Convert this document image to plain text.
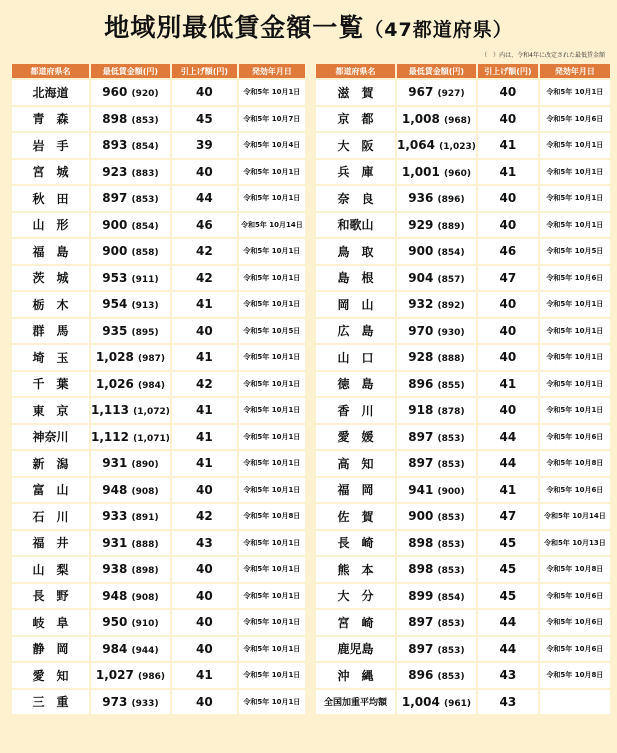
地域別最低賃金額一覧（47都道府県）
（　）内は、令和4年に改定された最低賃金額
都道府県名	最低賃金額(円)	引上げ額(円)	発効年月日
北海道	960 (920)	40	令和5年 10月1日
青　森	898 (853)	45	令和5年 10月7日
岩　手	893 (854)	39	令和5年 10月4日
宮　城	923 (883)	40	令和5年 10月1日
秋　田	897 (853)	44	令和5年 10月1日
山　形	900 (854)	46	令和5年 10月14日
福　島	900 (858)	42	令和5年 10月1日
茨　城	953 (911)	42	令和5年 10月1日
栃　木	954 (913)	41	令和5年 10月1日
群　馬	935 (895)	40	令和5年 10月5日
埼　玉	1,028 (987)	41	令和5年 10月1日
千　葉	1,026 (984)	42	令和5年 10月1日
東　京	1,113 (1,072)	41	令和5年 10月1日
神奈川	1,112 (1,071)	41	令和5年 10月1日
新　潟	931 (890)	41	令和5年 10月1日
富　山	948 (908)	40	令和5年 10月1日
石　川	933 (891)	42	令和5年 10月8日
福　井	931 (888)	43	令和5年 10月1日
山　梨	938 (898)	40	令和5年 10月1日
長　野	948 (908)	40	令和5年 10月1日
岐　阜	950 (910)	40	令和5年 10月1日
静　岡	984 (944)	40	令和5年 10月1日
愛　知	1,027 (986)	41	令和5年 10月1日
三　重	973 (933)	40	令和5年 10月1日
都道府県名	最低賃金額(円)	引上げ額(円)	発効年月日
滋　賀	967 (927)	40	令和5年 10月1日
京　都	1,008 (968)	40	令和5年 10月6日
大　阪	1,064 (1,023)	41	令和5年 10月1日
兵　庫	1,001 (960)	41	令和5年 10月1日
奈　良	936 (896)	40	令和5年 10月1日
和歌山	929 (889)	40	令和5年 10月1日
鳥　取	900 (854)	46	令和5年 10月5日
島　根	904 (857)	47	令和5年 10月6日
岡　山	932 (892)	40	令和5年 10月1日
広　島	970 (930)	40	令和5年 10月1日
山　口	928 (888)	40	令和5年 10月1日
徳　島	896 (855)	41	令和5年 10月1日
香　川	918 (878)	40	令和5年 10月1日
愛　媛	897 (853)	44	令和5年 10月6日
高　知	897 (853)	44	令和5年 10月8日
福　岡	941 (900)	41	令和5年 10月6日
佐　賀	900 (853)	47	令和5年 10月14日
長　崎	898 (853)	45	令和5年 10月13日
熊　本	898 (853)	45	令和5年 10月8日
大　分	899 (854)	45	令和5年 10月6日
宮　崎	897 (853)	44	令和5年 10月6日
鹿児島	897 (853)	44	令和5年 10月6日
沖　縄	896 (853)	43	令和5年 10月8日
全国加重平均額	1,004 (961)	43	
